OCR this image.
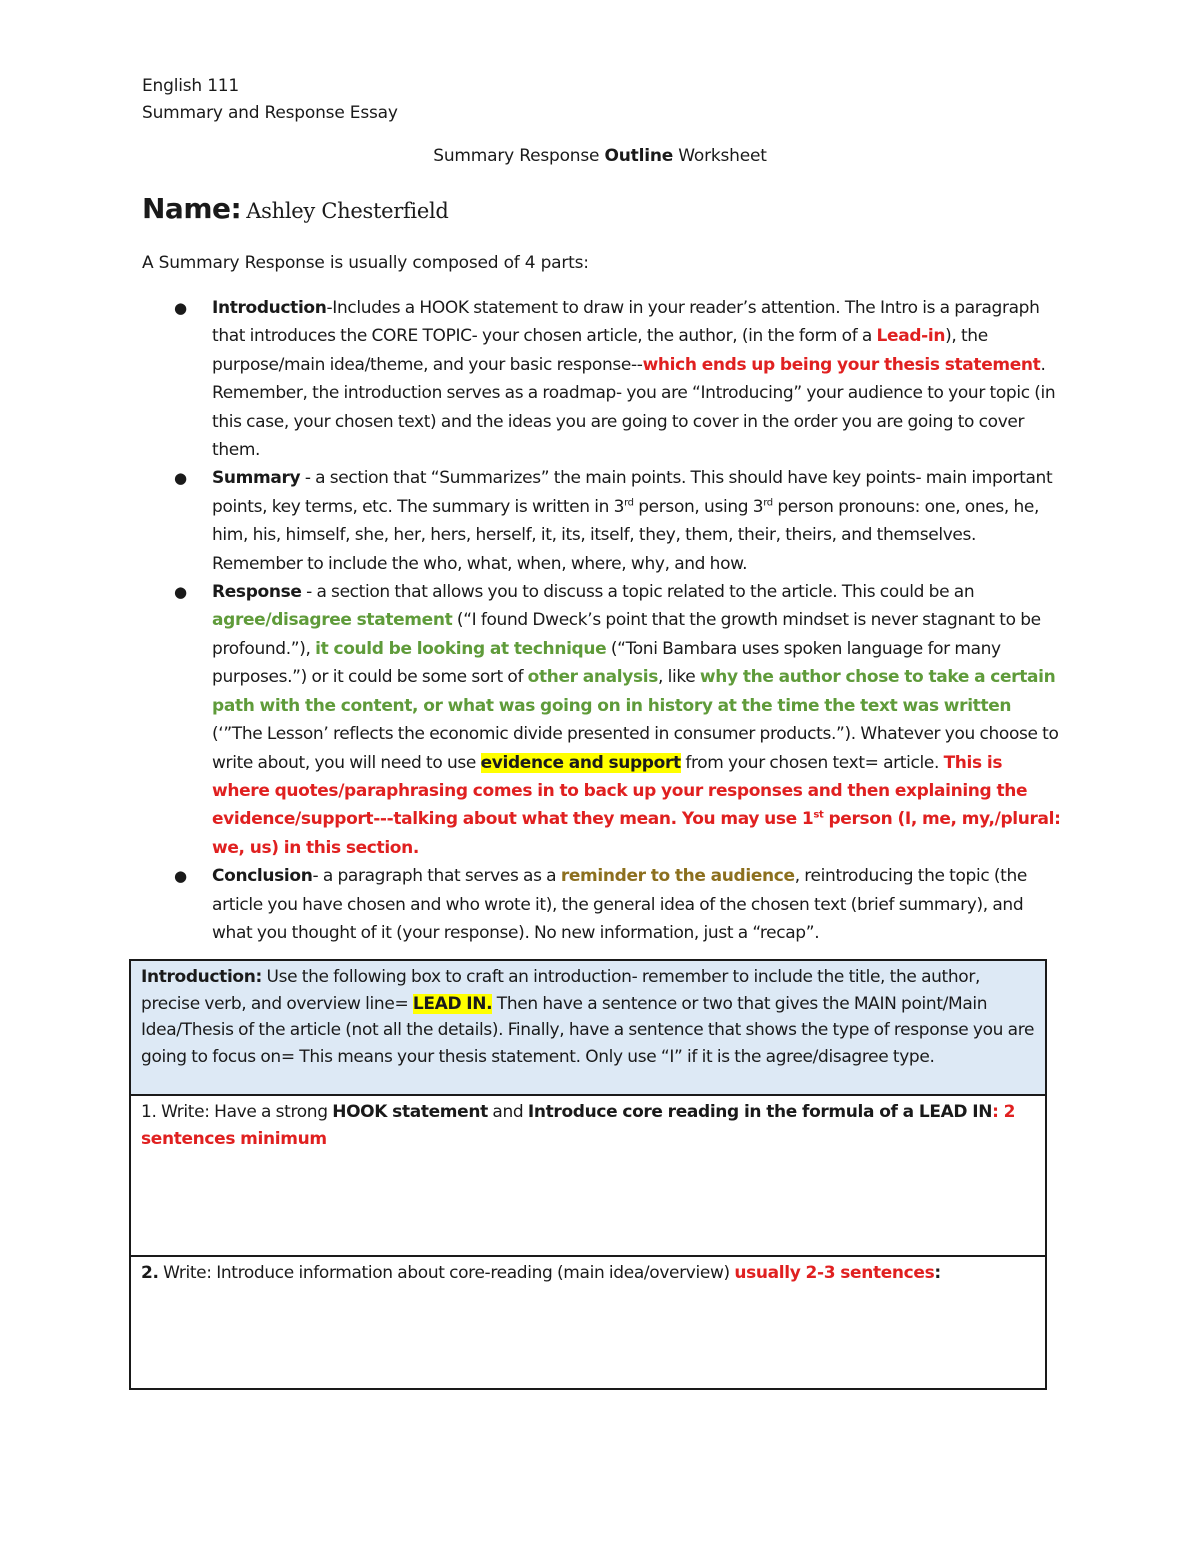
English 111
Summary and Response Essay
Summary Response Outline Worksheet
Name: Ashley Chesterfield
A Summary Response is usually composed of 4 parts:
● Introduction-Includes a HOOK statement to draw in your reader’s attention. The Intro is a paragraph that introduces the CORE TOPIC- your chosen article, the author, (in the form of a Lead-in), the purpose/main idea/theme, and your basic response--which ends up being your thesis statement. Remember, the introduction serves as a roadmap- you are “Introducing” your audience to your topic (in this case, your chosen text) and the ideas you are going to cover in the order you are going to cover them.
● Summary - a section that “Summarizes” the main points. This should have key points- main important points, key terms, etc. The summary is written in 3rd person, using 3rd person pronouns: one, ones, he, him, his, himself, she, her, hers, herself, it, its, itself, they, them, their, theirs, and themselves. Remember to include the who, what, when, where, why, and how.
● Response - a section that allows you to discuss a topic related to the article. This could be an agree/disagree statement (“I found Dweck’s point that the growth mindset is never stagnant to be profound.”), it could be looking at technique (“Toni Bambara uses spoken language for many purposes.”) or it could be some sort of other analysis, like why the author chose to take a certain path with the content, or what was going on in history at the time the text was written (‘”The Lesson’ reflects the economic divide presented in consumer products.”). Whatever you choose to write about, you will need to use evidence and support from your chosen text= article. This is where quotes/paraphrasing comes in to back up your responses and then explaining the evidence/support---talking about what they mean. You may use 1st person (I, me, my,/plural: we, us) in this section.
● Conclusion- a paragraph that serves as a reminder to the audience, reintroducing the topic (the article you have chosen and who wrote it), the general idea of the chosen text (brief summary), and what you thought of it (your response). No new information, just a “recap”.
Introduction: Use the following box to craft an introduction- remember to include the title, the author, precise verb, and overview line= LEAD IN. Then have a sentence or two that gives the MAIN point/Main Idea/Thesis of the article (not all the details). Finally, have a sentence that shows the type of response you are going to focus on= This means your thesis statement. Only use “I” if it is the agree/disagree type.
1. Write: Have a strong HOOK statement and Introduce core reading in the formula of a LEAD IN: 2 sentences minimum
2. Write: Introduce information about core-reading (main idea/overview) usually 2-3 sentences:
